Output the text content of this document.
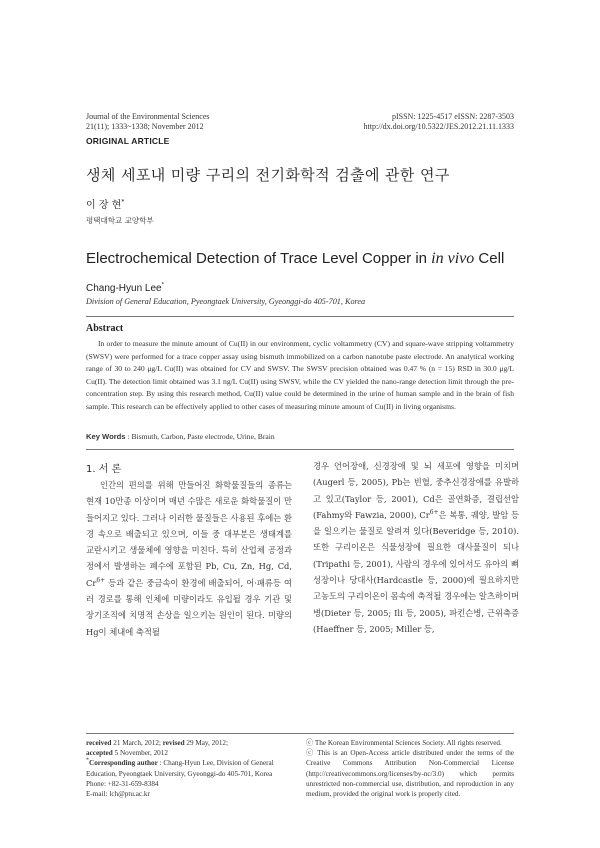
Journal of the Environmental Sciences
21(11); 1333~1338; November 2012
pISSN: 1225-4517 eISSN: 2287-3503
http://dx.doi.org/10.5322/JES.2012.21.11.1333
ORIGINAL ARTICLE
생체 세포내 미량 구리의 전기화학적 검출에 관한 연구
이 장 현*
평택대학교 교양학부
Electrochemical Detection of Trace Level Copper in in vivo Cell
Chang-Hyun Lee*
Division of General Education, Pyeongtaek University, Gyeonggi-do 405-701, Korea
Abstract
In order to measure the minute amount of Cu(II) in our environment, cyclic voltammetry (CV) and square-wave stripping voltammetry (SWSV) were performed for a trace copper assay using bismuth immobilized on a carbon nanotube paste electrode. An analytical working range of 30 to 240 μg/L Cu(II) was obtained for CV and SWSV. The SWSV precision obtained was 0.47 % (n = 15) RSD in 30.0 μg/L Cu(II). The detection limit obtained was 3.1 ng/L Cu(II) using SWSV, while the CV yielded the nano-range detection limit through the pre-concentration step. By using this research method, Cu(II) value could be determined in the urine of human sample and in the brain of fish sample. This research can be effectively applied to other cases of measuring minute amount of Cu(II) in living organisms.
Key Words : Bismuth, Carbon, Paste electrode, Urine, Brain
1. 서 론
인간의 편의를 위해 만들어진 화학물질들의 종류는 현재 10만종 이상이며 매년 수많은 새로운 화학물질이 만들어지고 있다. 그러나 이러한 물질들은 사용된 후에는 환경 속으로 배출되고 있으며, 이들 중 대부분은 생태계를 교란시키고 생물체에 영향을 미친다. 특히 산업체 공정과정에서 발생하는 폐수에 포함된 Pb, Cu, Zn, Hg, Cd, $Cr^{6+}$ 등과 같은 중금속이 환경에 배출되어, 어·패류등 여러 경로를 통해 인체에 미량이라도 유입될 경우 기관 및 장기조직에 치명적 손상을 일으키는 원인이 된다. 미량의 Hg이 체내에 축적될
경우 언어장애, 신경장애 및 뇌 세포에 영향을 미치며(Augerl 등, 2005), Pb는 빈혈, 중추신경장애를 유발하고 있고(Taylor 등, 2001), Cd은 골연화증, 결립선암(Fahmy와 Fawzia, 2000), $Cr^{6+}$은 복통, 궤양, 발암 등을 일으키는 물질로 알려져 있다(Beveridge 등, 2010). 또한 구리이온은 식물성장에 필요한 대사물질이 되나(Tripathi 등, 2001), 사람의 경우에 있어서도 유아의 뼈 성장이나 당대사(Hardcastle 등, 2000)에 필요하지만 고농도의 구리이온이 몸속에 축적될 경우에는 알츠하이머병(Dieter 등, 2005; Ili 등, 2005), 파킨슨병, 근위축증(Haeffner 등, 2005; Miller 등,
received 21 March, 2012; revised 29 May, 2012;
accepted 5 November, 2012
*Corresponding author : Chang-Hyun Lee, Division of General Education, Pyeongtaek University, Gyeonggi-do 405-701, Korea
Phone: +82-31-659-8384
E-mail: lch@ptu.ac.kr
ⓒ The Korean Environmental Sciences Society. All rights reserved.
ⓒ This is an Open-Access article distributed under the terms of the Creative Commons Attribution Non-Commercial License (http://creativecommons.org/licenses/by-nc/3.0) which permits unrestricted non-commercial use, distribution, and reproduction in any medium, provided the original work is properly cited.
